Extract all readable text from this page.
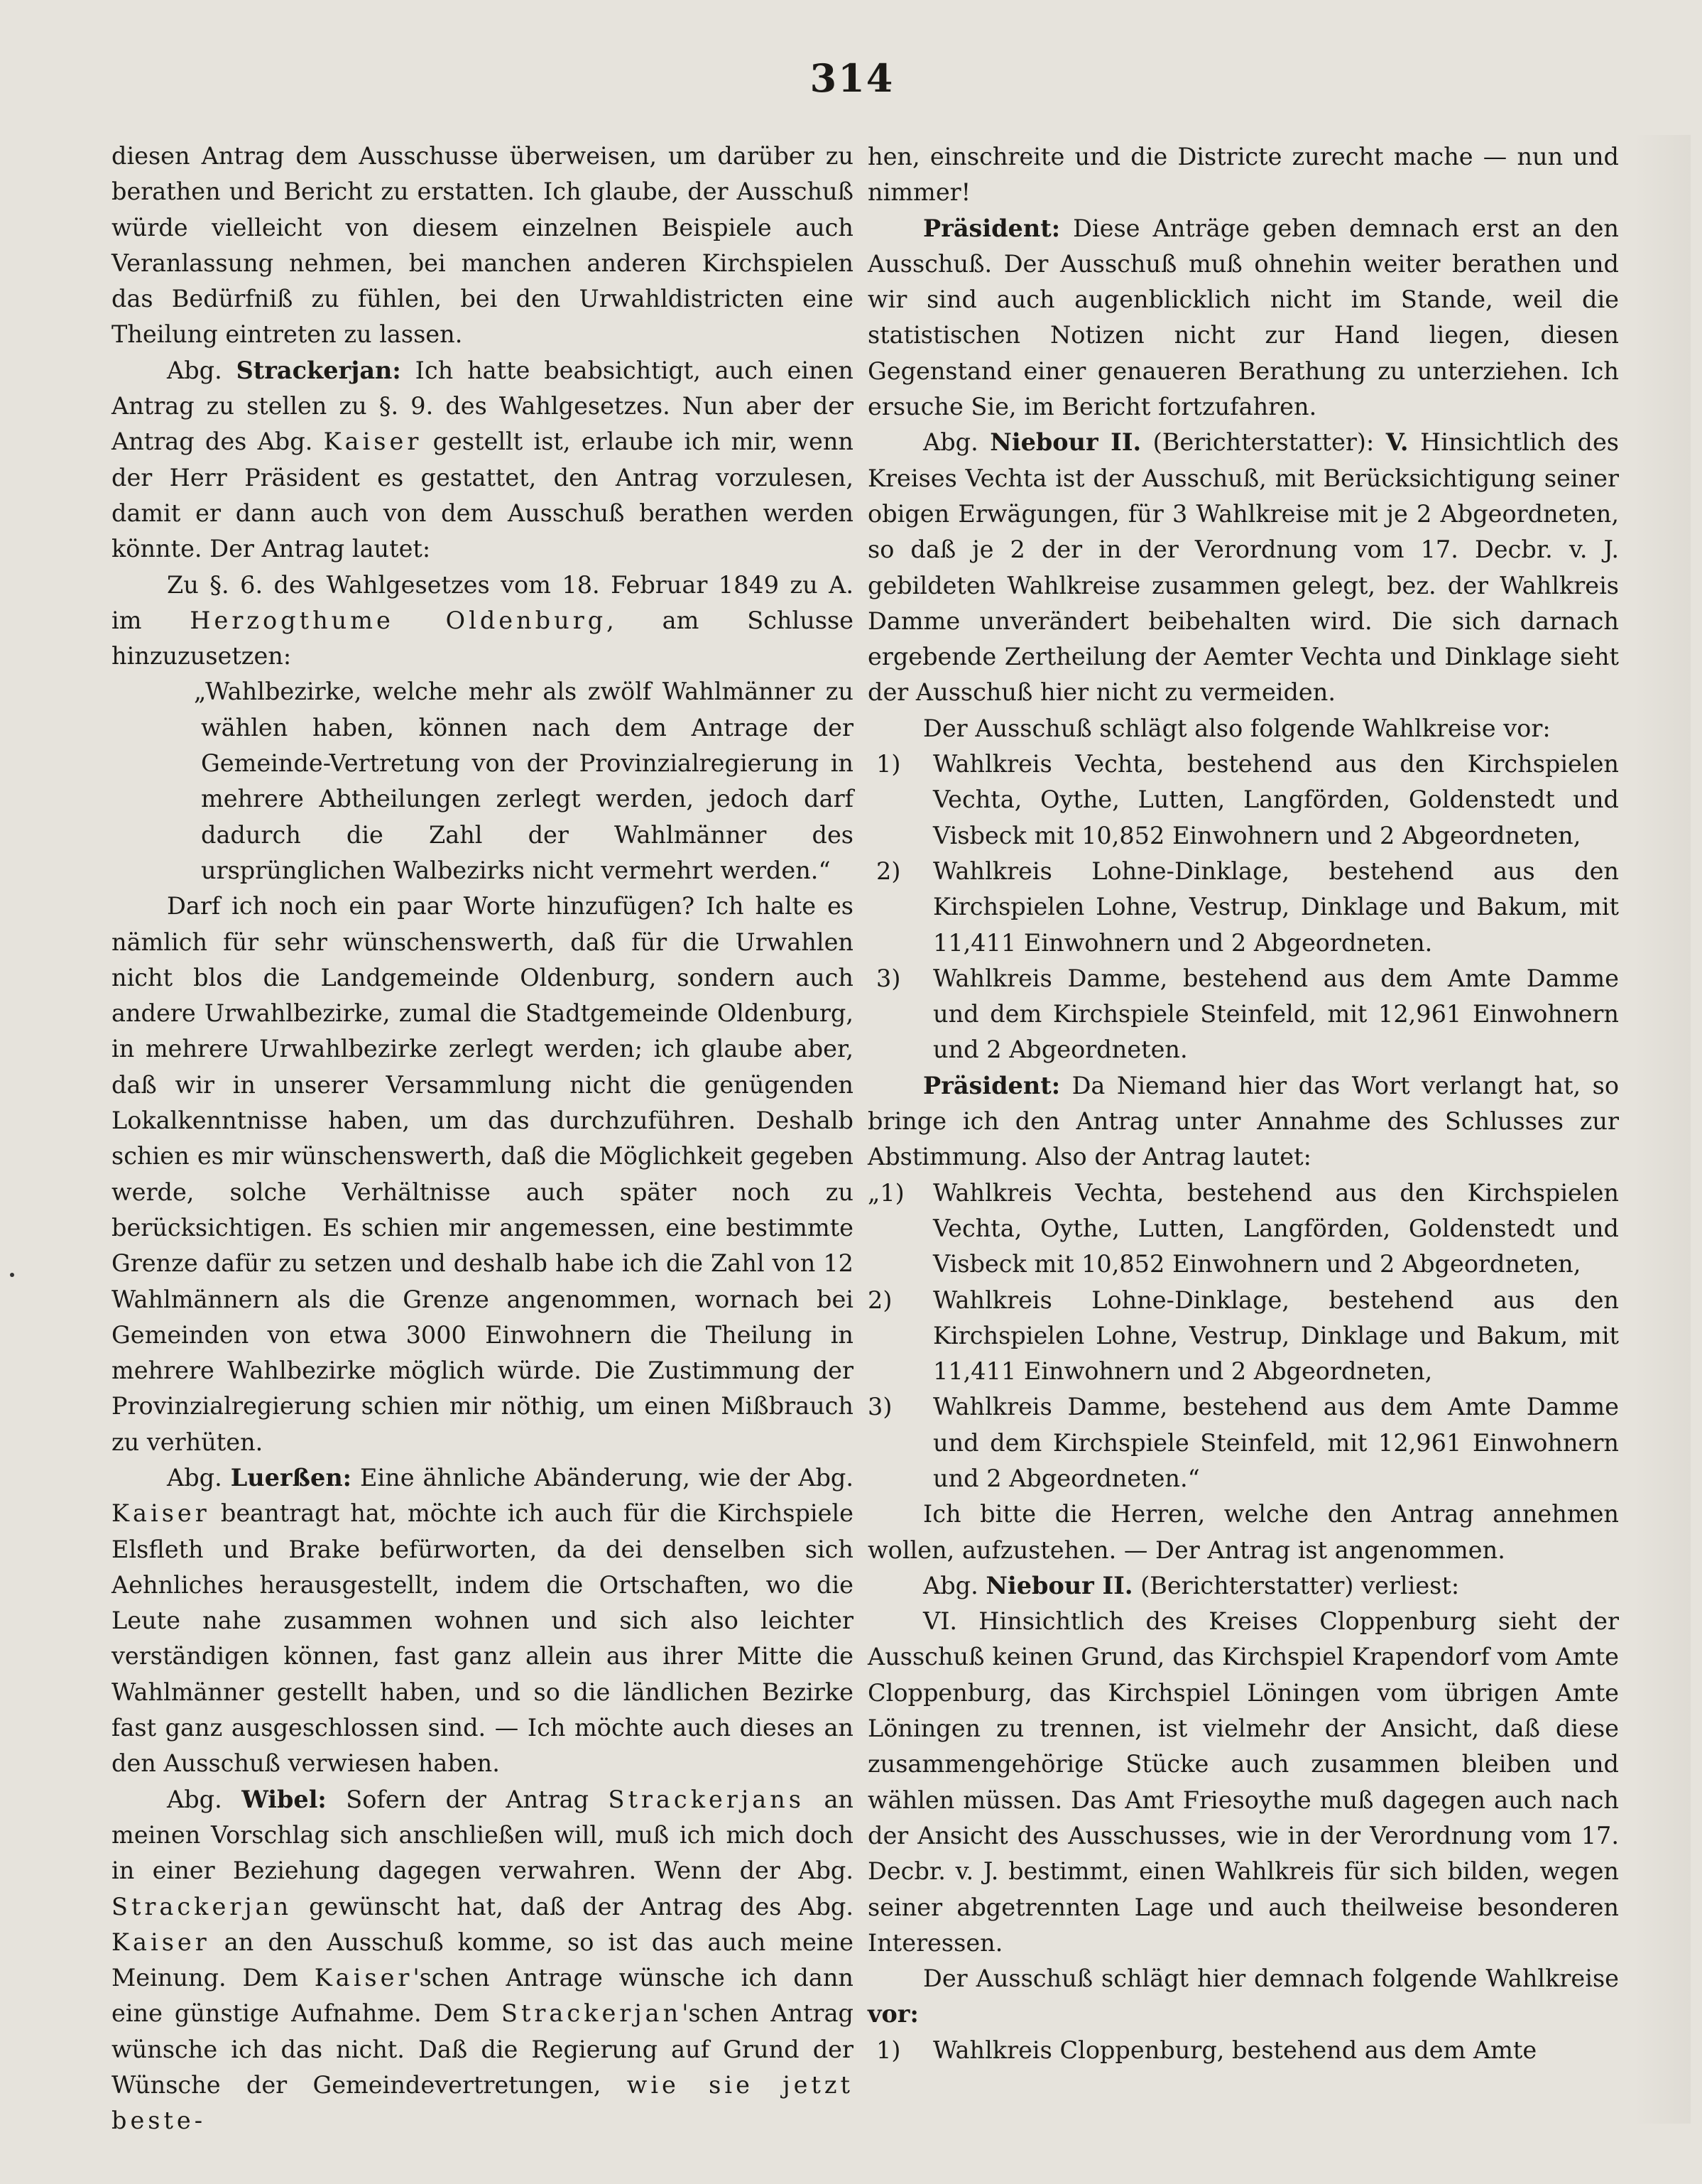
314

diesen Antrag dem Ausschusse überweisen, um darüber zu berathen und Bericht zu erstatten. Ich glaube, der Ausschuß würde vielleicht von diesem einzelnen Beispiele auch Veranlassung nehmen, bei manchen anderen Kirchspielen das Bedürfniß zu fühlen, bei den Urwahldistricten eine Theilung eintreten zu lassen.

Abg. Strackerjan: Ich hatte beabsichtigt, auch einen Antrag zu stellen zu §. 9. des Wahlgesetzes. Nun aber der Antrag des Abg. Kaiser gestellt ist, erlaube ich mir, wenn der Herr Präsident es gestattet, den Antrag vorzulesen, damit er dann auch von dem Ausschuß berathen werden könnte. Der Antrag lautet:

Zu §. 6. des Wahlgesetzes vom 18. Februar 1849 zu A. im Herzogthume Oldenburg, am Schlusse hinzuzusetzen:

„Wahlbezirke, welche mehr als zwölf Wahlmänner zu wählen haben, können nach dem Antrage der Gemeinde-Vertretung von der Provinzialregierung in mehrere Abtheilungen zerlegt werden, jedoch darf dadurch die Zahl der Wahlmänner des ursprünglichen Walbezirks nicht vermehrt werden.“

Darf ich noch ein paar Worte hinzufügen? Ich halte es nämlich für sehr wünschenswerth, daß für die Urwahlen nicht blos die Landgemeinde Oldenburg, sondern auch andere Urwahlbezirke, zumal die Stadtgemeinde Oldenburg, in mehrere Urwahlbezirke zerlegt werden; ich glaube aber, daß wir in unserer Versammlung nicht die genügenden Lokalkenntnisse haben, um das durchzuführen. Deshalb schien es mir wünschenswerth, daß die Möglichkeit gegeben werde, solche Verhältnisse auch später noch zu berücksichtigen. Es schien mir angemessen, eine bestimmte Grenze dafür zu setzen und deshalb habe ich die Zahl von 12 Wahlmännern als die Grenze angenommen, wornach bei Gemeinden von etwa 3000 Einwohnern die Theilung in mehrere Wahlbezirke möglich würde. Die Zustimmung der Provinzialregierung schien mir nöthig, um einen Mißbrauch zu verhüten.

Abg. Luerßen: Eine ähnliche Abänderung, wie der Abg. Kaiser beantragt hat, möchte ich auch für die Kirchspiele Elsfleth und Brake befürworten, da dei denselben sich Aehnliches herausgestellt, indem die Ortschaften, wo die Leute nahe zusammen wohnen und sich also leichter verständigen können, fast ganz allein aus ihrer Mitte die Wahlmänner gestellt haben, und so die ländlichen Bezirke fast ganz ausgeschlossen sind. — Ich möchte auch dieses an den Ausschuß verwiesen haben.

Abg. Wibel: Sofern der Antrag Strackerjans an meinen Vorschlag sich anschließen will, muß ich mich doch in einer Beziehung dagegen verwahren. Wenn der Abg. Strackerjan gewünscht hat, daß der Antrag des Abg. Kaiser an den Ausschuß komme, so ist das auch meine Meinung. Dem Kaiser'schen Antrage wünsche ich dann eine günstige Aufnahme. Dem Strackerjan'schen Antrag wünsche ich das nicht. Daß die Regierung auf Grund der Wünsche der Gemeindevertretungen, wie sie jetzt beste-

hen, einschreite und die Districte zurecht mache — nun und nimmer!

Präsident: Diese Anträge geben demnach erst an den Ausschuß. Der Ausschuß muß ohnehin weiter berathen und wir sind auch augenblicklich nicht im Stande, weil die statistischen Notizen nicht zur Hand liegen, diesen Gegenstand einer genaueren Berathung zu unterziehen. Ich ersuche Sie, im Bericht fortzufahren.

Abg. Niebour II. (Berichterstatter): V. Hinsichtlich des Kreises Vechta ist der Ausschuß, mit Berücksichtigung seiner obigen Erwägungen, für 3 Wahlkreise mit je 2 Abgeordneten, so daß je 2 der in der Verordnung vom 17. Decbr. v. J. gebildeten Wahlkreise zusammen gelegt, bez. der Wahlkreis Damme unverändert beibehalten wird. Die sich darnach ergebende Zertheilung der Aemter Vechta und Dinklage sieht der Ausschuß hier nicht zu vermeiden.

Der Ausschuß schlägt also folgende Wahlkreise vor:

1) Wahlkreis Vechta, bestehend aus den Kirchspielen Vechta, Oythe, Lutten, Langförden, Goldenstedt und Visbeck mit 10,852 Einwohnern und 2 Abgeordneten,
2) Wahlkreis Lohne-Dinklage, bestehend aus den Kirchspielen Lohne, Vestrup, Dinklage und Bakum, mit 11,411 Einwohnern und 2 Abgeordneten.
3) Wahlkreis Damme, bestehend aus dem Amte Damme und dem Kirchspiele Steinfeld, mit 12,961 Einwohnern und 2 Abgeordneten.

Präsident: Da Niemand hier das Wort verlangt hat, so bringe ich den Antrag unter Annahme des Schlusses zur Abstimmung. Also der Antrag lautet:

„1) Wahlkreis Vechta, bestehend aus den Kirchspielen Vechta, Oythe, Lutten, Langförden, Goldenstedt und Visbeck mit 10,852 Einwohnern und 2 Abgeordneten,
2) Wahlkreis Lohne-Dinklage, bestehend aus den Kirchspielen Lohne, Vestrup, Dinklage und Bakum, mit 11,411 Einwohnern und 2 Abgeordneten,
3) Wahlkreis Damme, bestehend aus dem Amte Damme und dem Kirchspiele Steinfeld, mit 12,961 Einwohnern und 2 Abgeordneten.“

Ich bitte die Herren, welche den Antrag annehmen wollen, aufzustehen. — Der Antrag ist angenommen.

Abg. Niebour II. (Berichterstatter) verliest:

VI. Hinsichtlich des Kreises Cloppenburg sieht der Ausschuß keinen Grund, das Kirchspiel Krapendorf vom Amte Cloppenburg, das Kirchspiel Löningen vom übrigen Amte Löningen zu trennen, ist vielmehr der Ansicht, daß diese zusammengehörige Stücke auch zusammen bleiben und wählen müssen. Das Amt Friesoythe muß dagegen auch nach der Ansicht des Ausschusses, wie in der Verordnung vom 17. Decbr. v. J. bestimmt, einen Wahlkreis für sich bilden, wegen seiner abgetrennten Lage und auch theilweise besonderen Interessen.

Der Ausschuß schlägt hier demnach folgende Wahlkreise vor:

1) Wahlkreis Cloppenburg, bestehend aus dem Amte
